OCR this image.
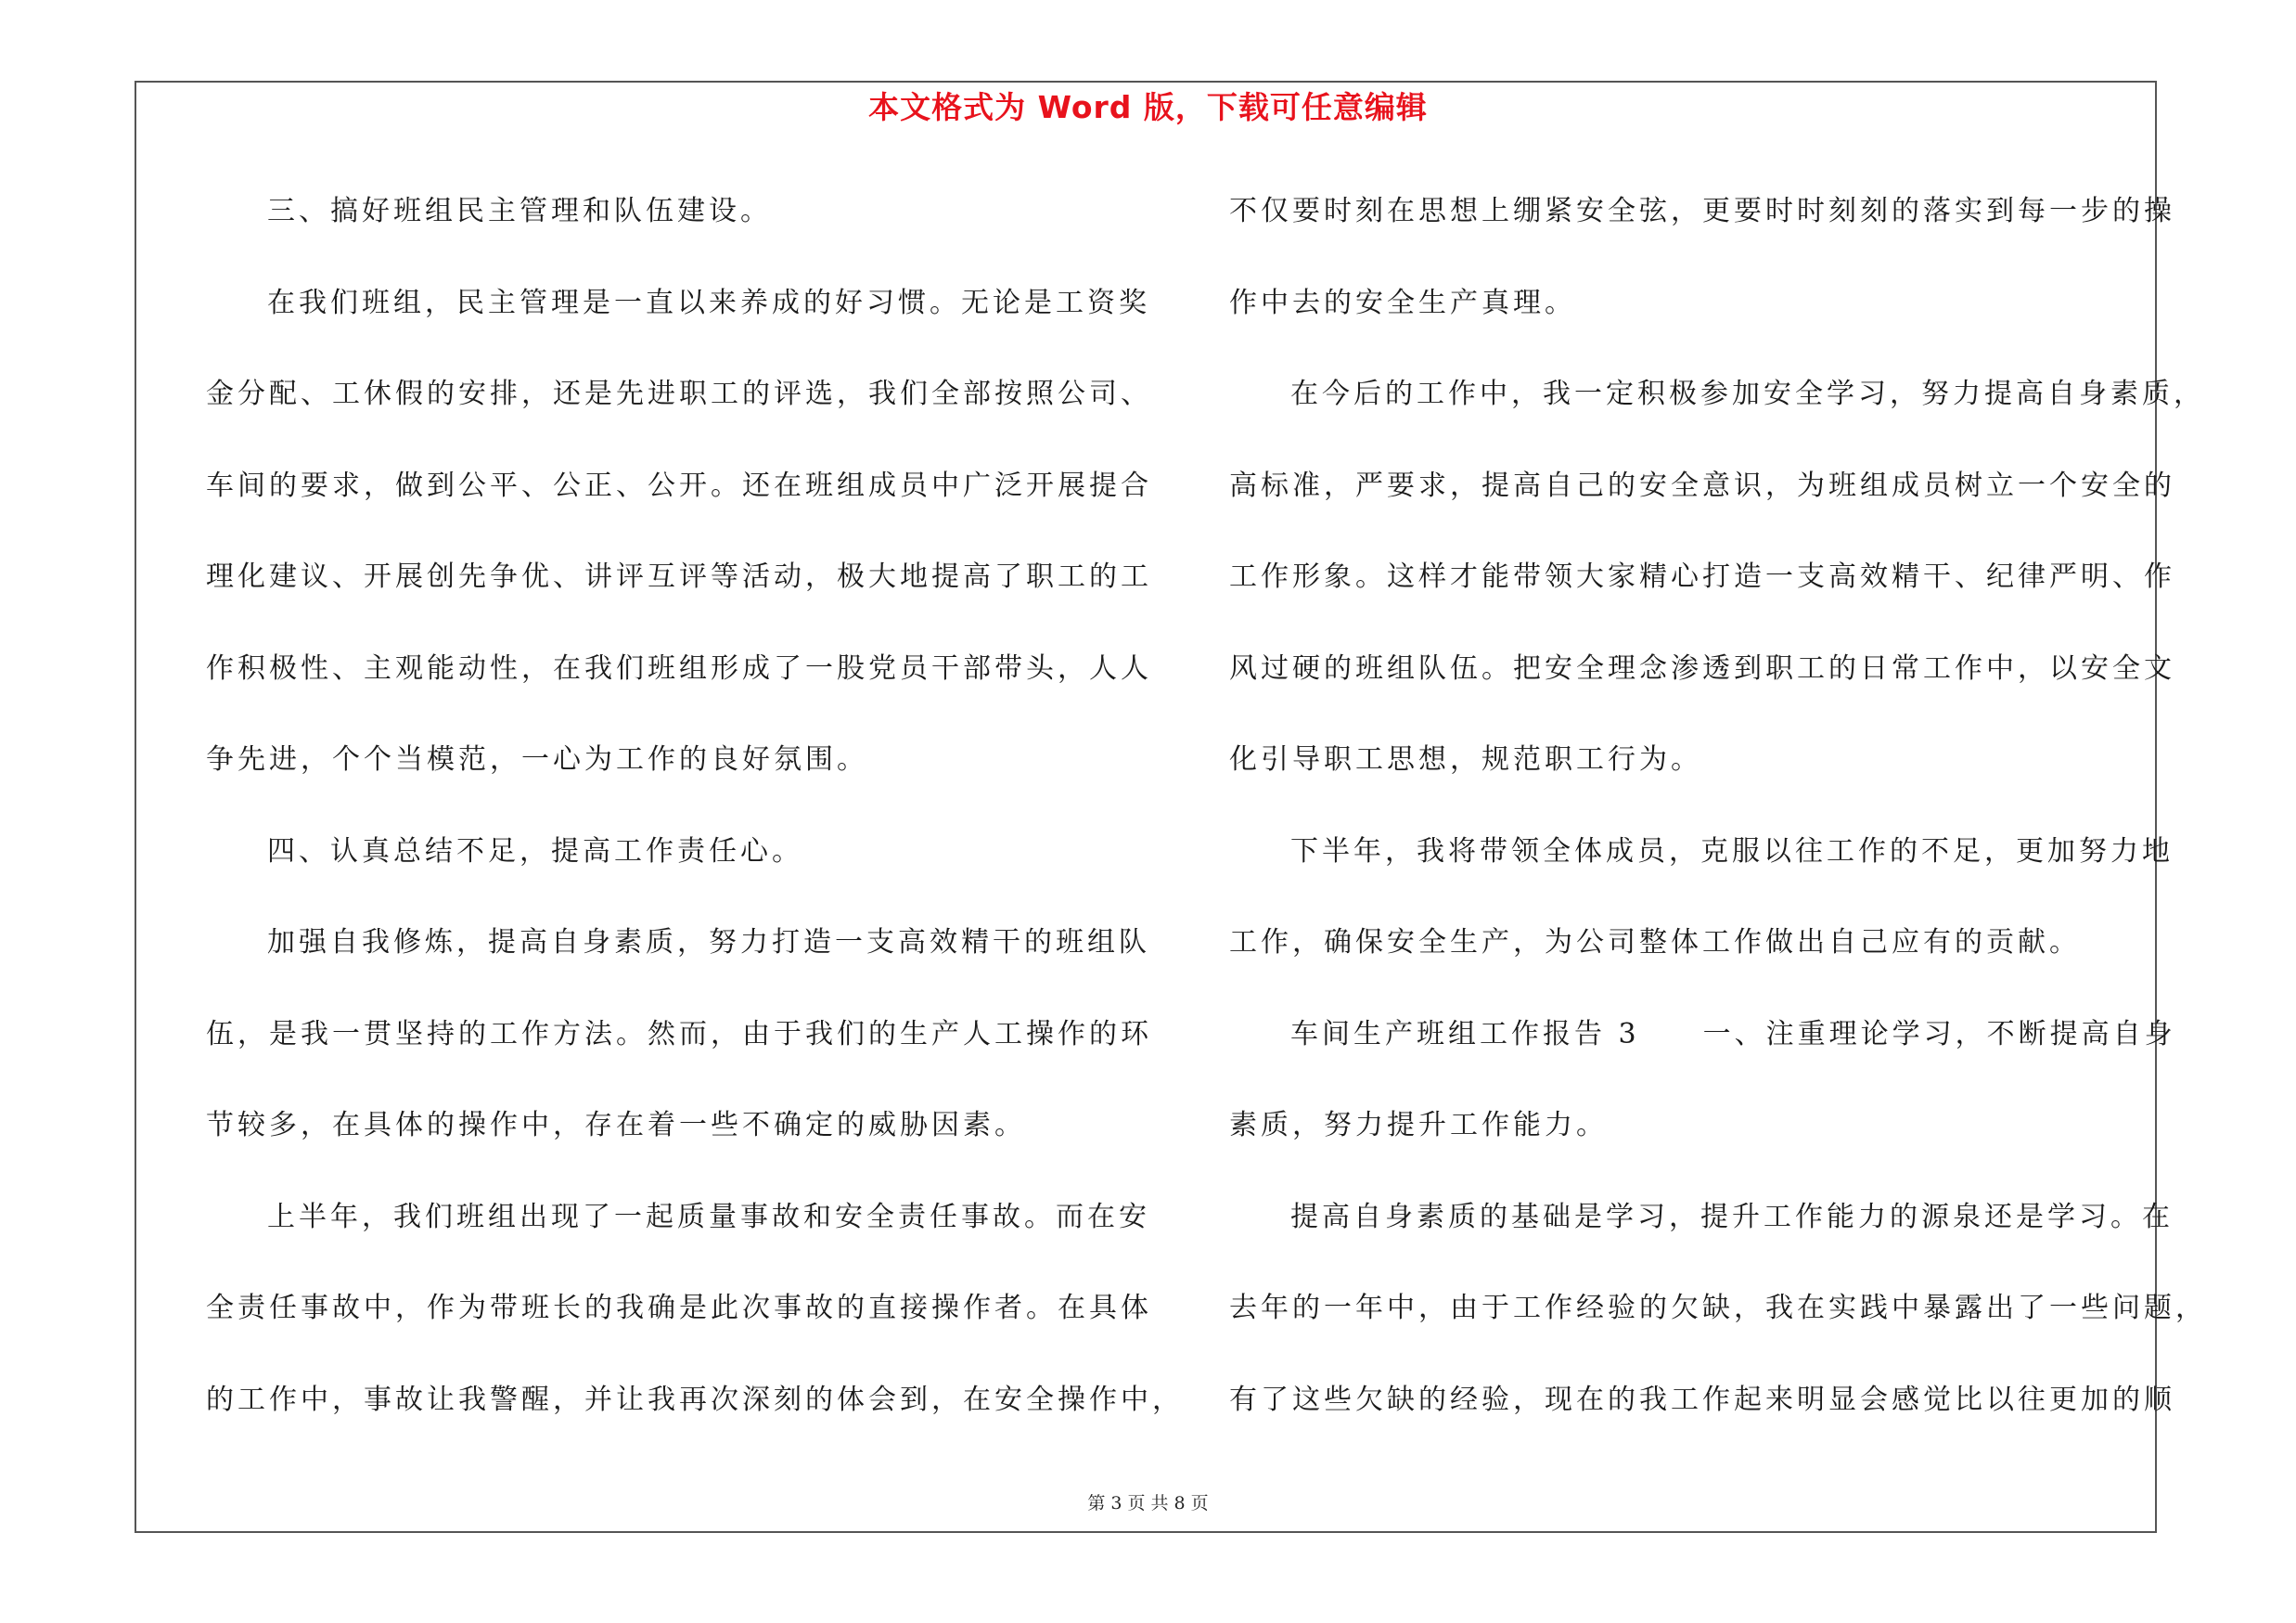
本文格式为 Word 版，下载可任意编辑
三、搞好班组民主管理和队伍建设。
在我们班组，民主管理是一直以来养成的好习惯。无论是工资奖
金分配、工休假的安排，还是先进职工的评选，我们全部按照公司、
车间的要求，做到公平、公正、公开。还在班组成员中广泛开展提合
理化建议、开展创先争优、讲评互评等活动，极大地提高了职工的工
作积极性、主观能动性，在我们班组形成了一股党员干部带头，人人
争先进，个个当模范，一心为工作的良好氛围。
四、认真总结不足，提高工作责任心。
加强自我修炼，提高自身素质，努力打造一支高效精干的班组队
伍，是我一贯坚持的工作方法。然而，由于我们的生产人工操作的环
节较多，在具体的操作中，存在着一些不确定的威胁因素。
上半年，我们班组出现了一起质量事故和安全责任事故。而在安
全责任事故中，作为带班长的我确是此次事故的直接操作者。在具体
的工作中，事故让我警醒，并让我再次深刻的体会到，在安全操作中，
不仅要时刻在思想上绷紧安全弦，更要时时刻刻的落实到每一步的操
作中去的安全生产真理。
在今后的工作中，我一定积极参加安全学习，努力提高自身素质，
高标准，严要求，提高自己的安全意识，为班组成员树立一个安全的
工作形象。这样才能带领大家精心打造一支高效精干、纪律严明、作
风过硬的班组队伍。把安全理念渗透到职工的日常工作中，以安全文
化引导职工思想，规范职工行为。
下半年，我将带领全体成员，克服以往工作的不足，更加努力地
工作，确保安全生产，为公司整体工作做出自己应有的贡献。
车间生产班组工作报告 3　　一、注重理论学习，不断提高自身
素质，努力提升工作能力。
提高自身素质的基础是学习，提升工作能力的源泉还是学习。在
去年的一年中，由于工作经验的欠缺，我在实践中暴露出了一些问题，
有了这些欠缺的经验，现在的我工作起来明显会感觉比以往更加的顺
第 3 页 共 8 页
